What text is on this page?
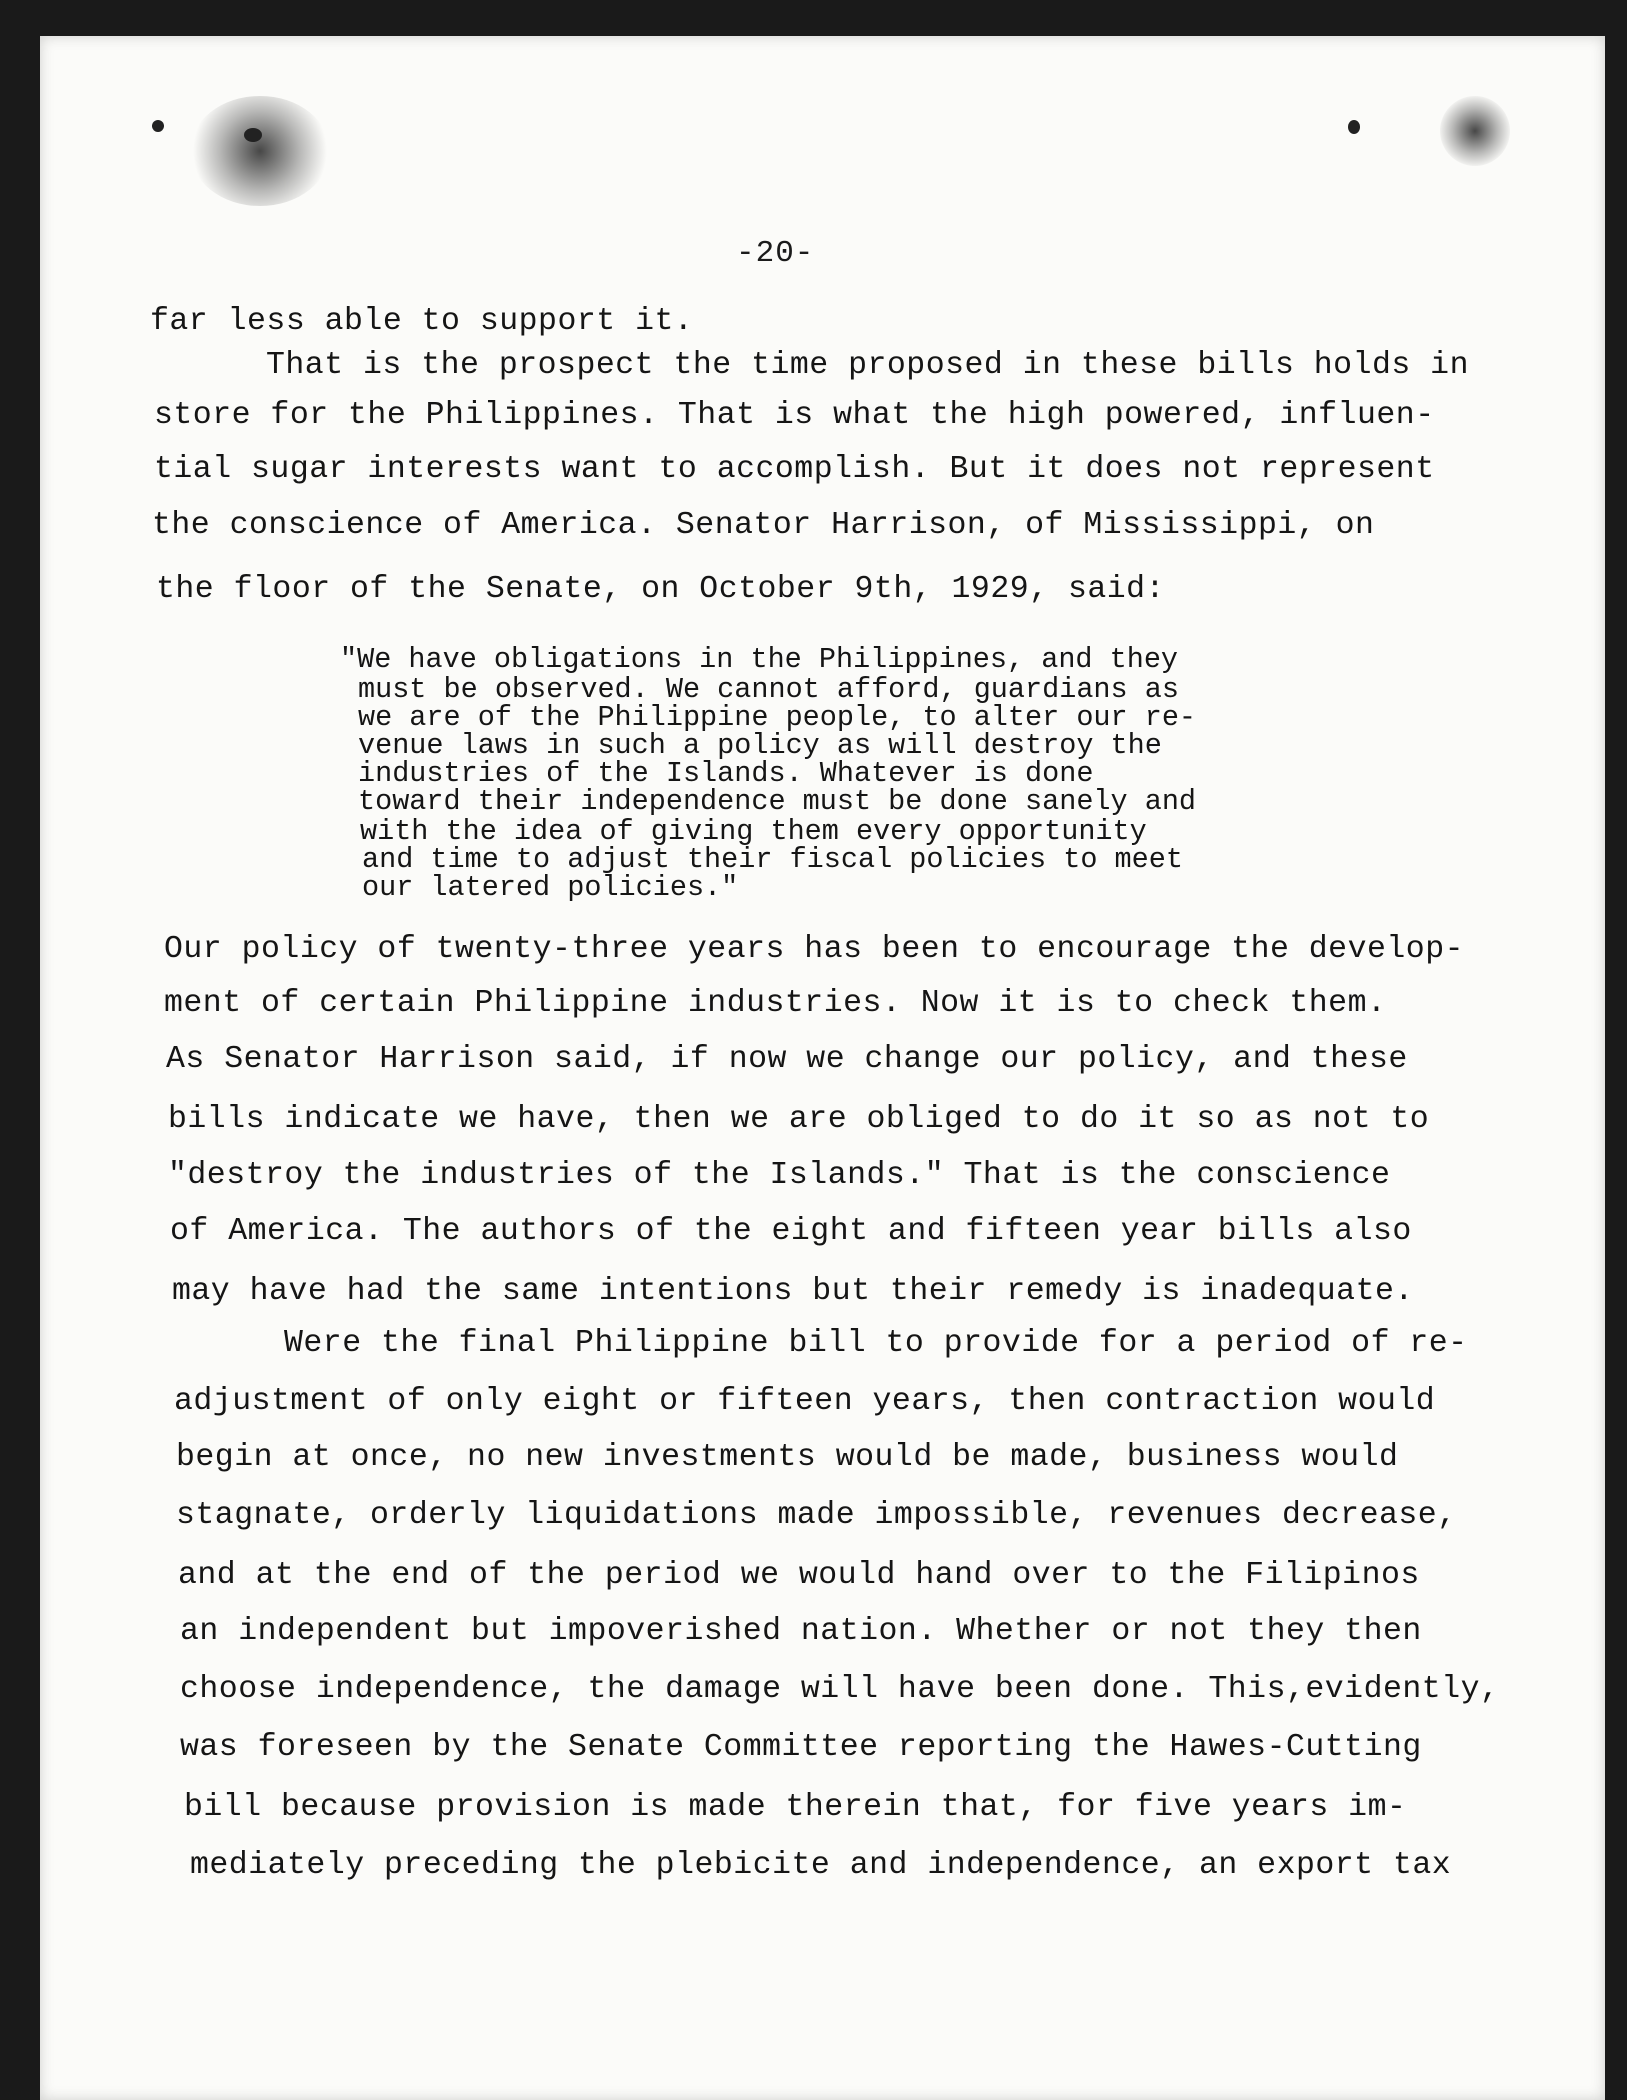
-20-
far less able to support it.
That is the prospect the time proposed in these bills holds in
store for the Philippines. That is what the high powered, influen-
tial sugar interests want to accomplish. But it does not represent
the conscience of America. Senator Harrison, of Mississippi, on
the floor of the Senate, on October 9th, 1929, said:
"We have obligations in the Philippines, and they
must be observed. We cannot afford, guardians as
we are of the Philippine people, to alter our re-
venue laws in such a policy as will destroy the
industries of the Islands. Whatever is done
toward their independence must be done sanely and
with the idea of giving them every opportunity
and time to adjust their fiscal policies to meet
our latered policies."
Our policy of twenty-three years has been to encourage the develop-
ment of certain Philippine industries. Now it is to check them.
As Senator Harrison said, if now we change our policy, and these
bills indicate we have, then we are obliged to do it so as not to
"destroy the industries of the Islands." That is the conscience
of America. The authors of the eight and fifteen year bills also
may have had the same intentions but their remedy is inadequate.
Were the final Philippine bill to provide for a period of re-
adjustment of only eight or fifteen years, then contraction would
begin at once, no new investments would be made, business would
stagnate, orderly liquidations made impossible, revenues decrease,
and at the end of the period we would hand over to the Filipinos
an independent but impoverished nation. Whether or not they then
choose independence, the damage will have been done. This,evidently,
was foreseen by the Senate Committee reporting the Hawes-Cutting
bill because provision is made therein that, for five years im-
mediately preceding the plebicite and independence, an export tax
